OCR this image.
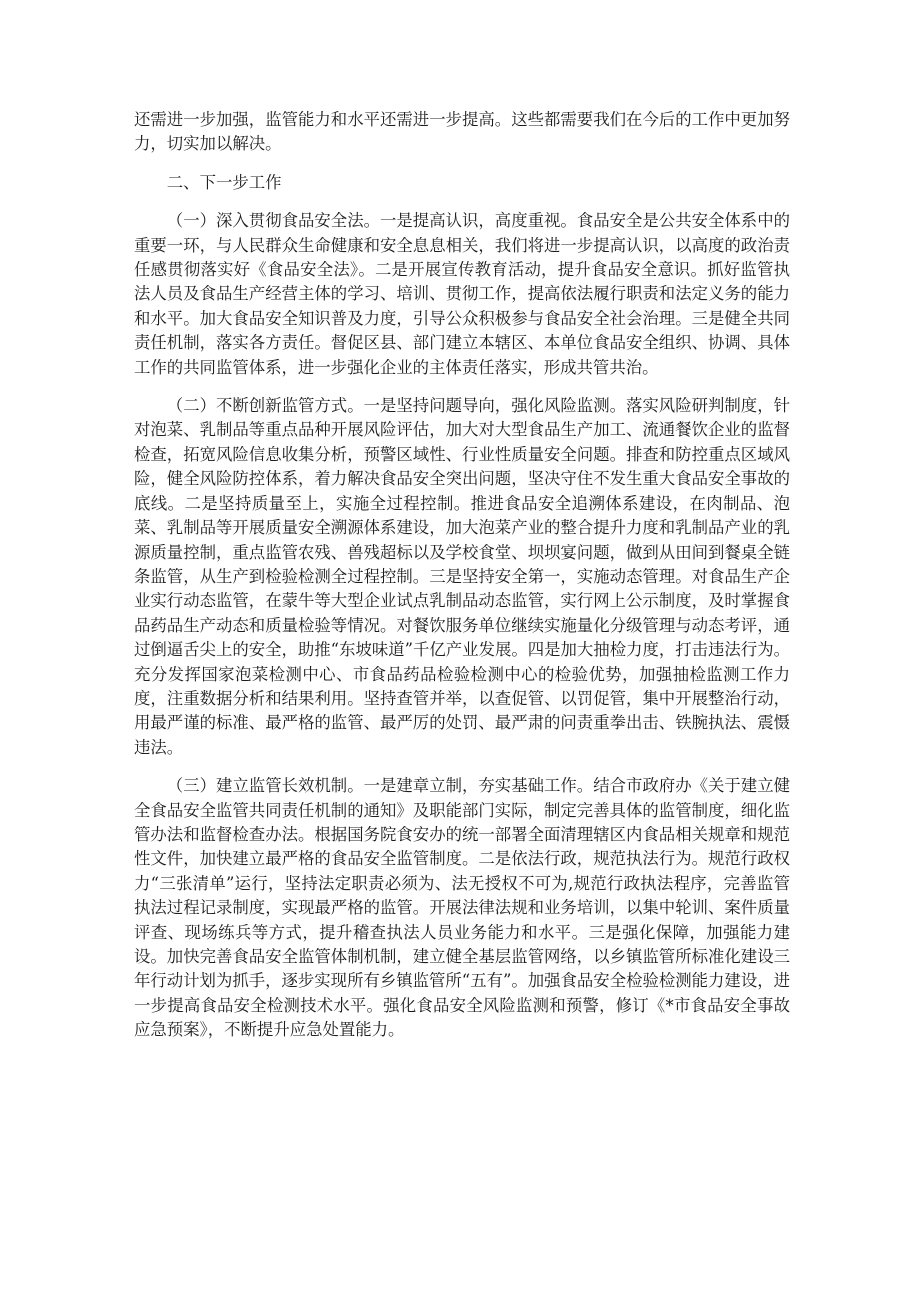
还需进一步加强，监管能力和水平还需进一步提高。这些都需要我们在今后的工作中更加努力，切实加以解决。

二、下一步工作

（一）深入贯彻食品安全法。一是提高认识，高度重视。食品安全是公共安全体系中的重要一环，与人民群众生命健康和安全息息相关，我们将进一步提高认识，以高度的政治责任感贯彻落实好《食品安全法》。二是开展宣传教育活动，提升食品安全意识。抓好监管执法人员及食品生产经营主体的学习、培训、贯彻工作，提高依法履行职责和法定义务的能力和水平。加大食品安全知识普及力度，引导公众积极参与食品安全社会治理。三是健全共同责任机制，落实各方责任。督促区县、部门建立本辖区、本单位食品安全组织、协调、具体工作的共同监管体系，进一步强化企业的主体责任落实，形成共管共治。

（二）不断创新监管方式。一是坚持问题导向，强化风险监测。落实风险研判制度，针对泡菜、乳制品等重点品种开展风险评估，加大对大型食品生产加工、流通餐饮企业的监督检查，拓宽风险信息收集分析，预警区域性、行业性质量安全问题。排查和防控重点区域风险，健全风险防控体系，着力解决食品安全突出问题，坚决守住不发生重大食品安全事故的底线。二是坚持质量至上，实施全过程控制。推进食品安全追溯体系建设，在肉制品、泡菜、乳制品等开展质量安全溯源体系建设，加大泡菜产业的整合提升力度和乳制品产业的乳源质量控制，重点监管农残、兽残超标以及学校食堂、坝坝宴问题，做到从田间到餐桌全链条监管，从生产到检验检测全过程控制。三是坚持安全第一，实施动态管理。对食品生产企业实行动态监管，在蒙牛等大型企业试点乳制品动态监管，实行网上公示制度，及时掌握食品药品生产动态和质量检验等情况。对餐饮服务单位继续实施量化分级管理与动态考评，通过倒逼舌尖上的安全，助推“东坡味道”千亿产业发展。四是加大抽检力度，打击违法行为。充分发挥国家泡菜检测中心、市食品药品检验检测中心的检验优势，加强抽检监测工作力度，注重数据分析和结果利用。坚持查管并举，以查促管、以罚促管，集中开展整治行动，用最严谨的标准、最严格的监管、最严厉的处罚、最严肃的问责重拳出击、铁腕执法、震慑违法。

（三）建立监管长效机制。一是建章立制，夯实基础工作。结合市政府办《关于建立健全食品安全监管共同责任机制的通知》及职能部门实际，制定完善具体的监管制度，细化监管办法和监督检查办法。根据国务院食安办的统一部署全面清理辖区内食品相关规章和规范性文件，加快建立最严格的食品安全监管制度。二是依法行政，规范执法行为。规范行政权力“三张清单”运行，坚持法定职责必须为、法无授权不可为,规范行政执法程序，完善监管执法过程记录制度，实现最严格的监管。开展法律法规和业务培训，以集中轮训、案件质量评查、现场练兵等方式，提升稽查执法人员业务能力和水平。三是强化保障，加强能力建设。加快完善食品安全监管体制机制，建立健全基层监管网络，以乡镇监管所标准化建设三年行动计划为抓手，逐步实现所有乡镇监管所“五有”。加强食品安全检验检测能力建设，进一步提高食品安全检测技术水平。强化食品安全风险监测和预警，修订《*市食品安全事故应急预案》，不断提升应急处置能力。
